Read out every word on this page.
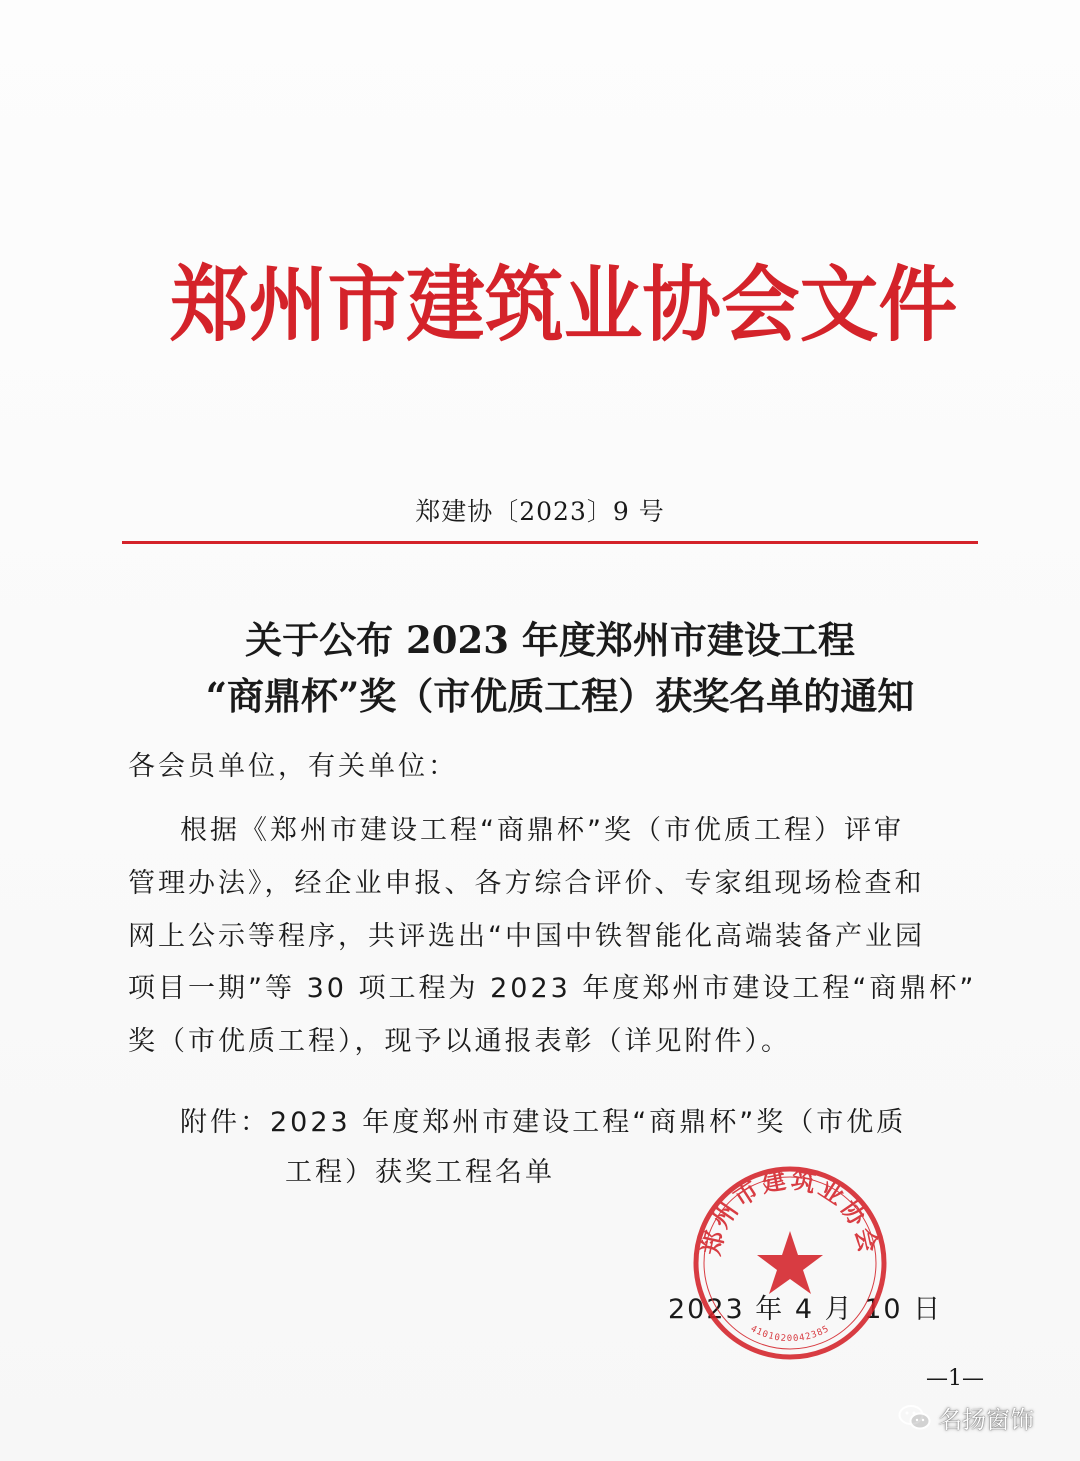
郑州市建筑业协会文件
郑建协〔2023〕9 号
关于公布 2023 年度郑州市建设工程
“商鼎杯”奖（市优质工程）获奖名单的通知
各会员单位，有关单位：
根据《郑州市建设工程“商鼎杯”奖（市优质工程）评审
管理办法》，经企业申报、各方综合评价、专家组现场检查和
网上公示等程序，共评选出“中国中铁智能化高端装备产业园
项目一期”等 30 项工程为 2023 年度郑州市建设工程“商鼎杯”
奖（市优质工程），现予以通报表彰（详见附件）。
附件：2023 年度郑州市建设工程“商鼎杯”奖（市优质
工程）获奖工程名单
2023 年 4 月 10 日
郑州市建筑业协会
4101020042385
—1—
名扬窗饰
